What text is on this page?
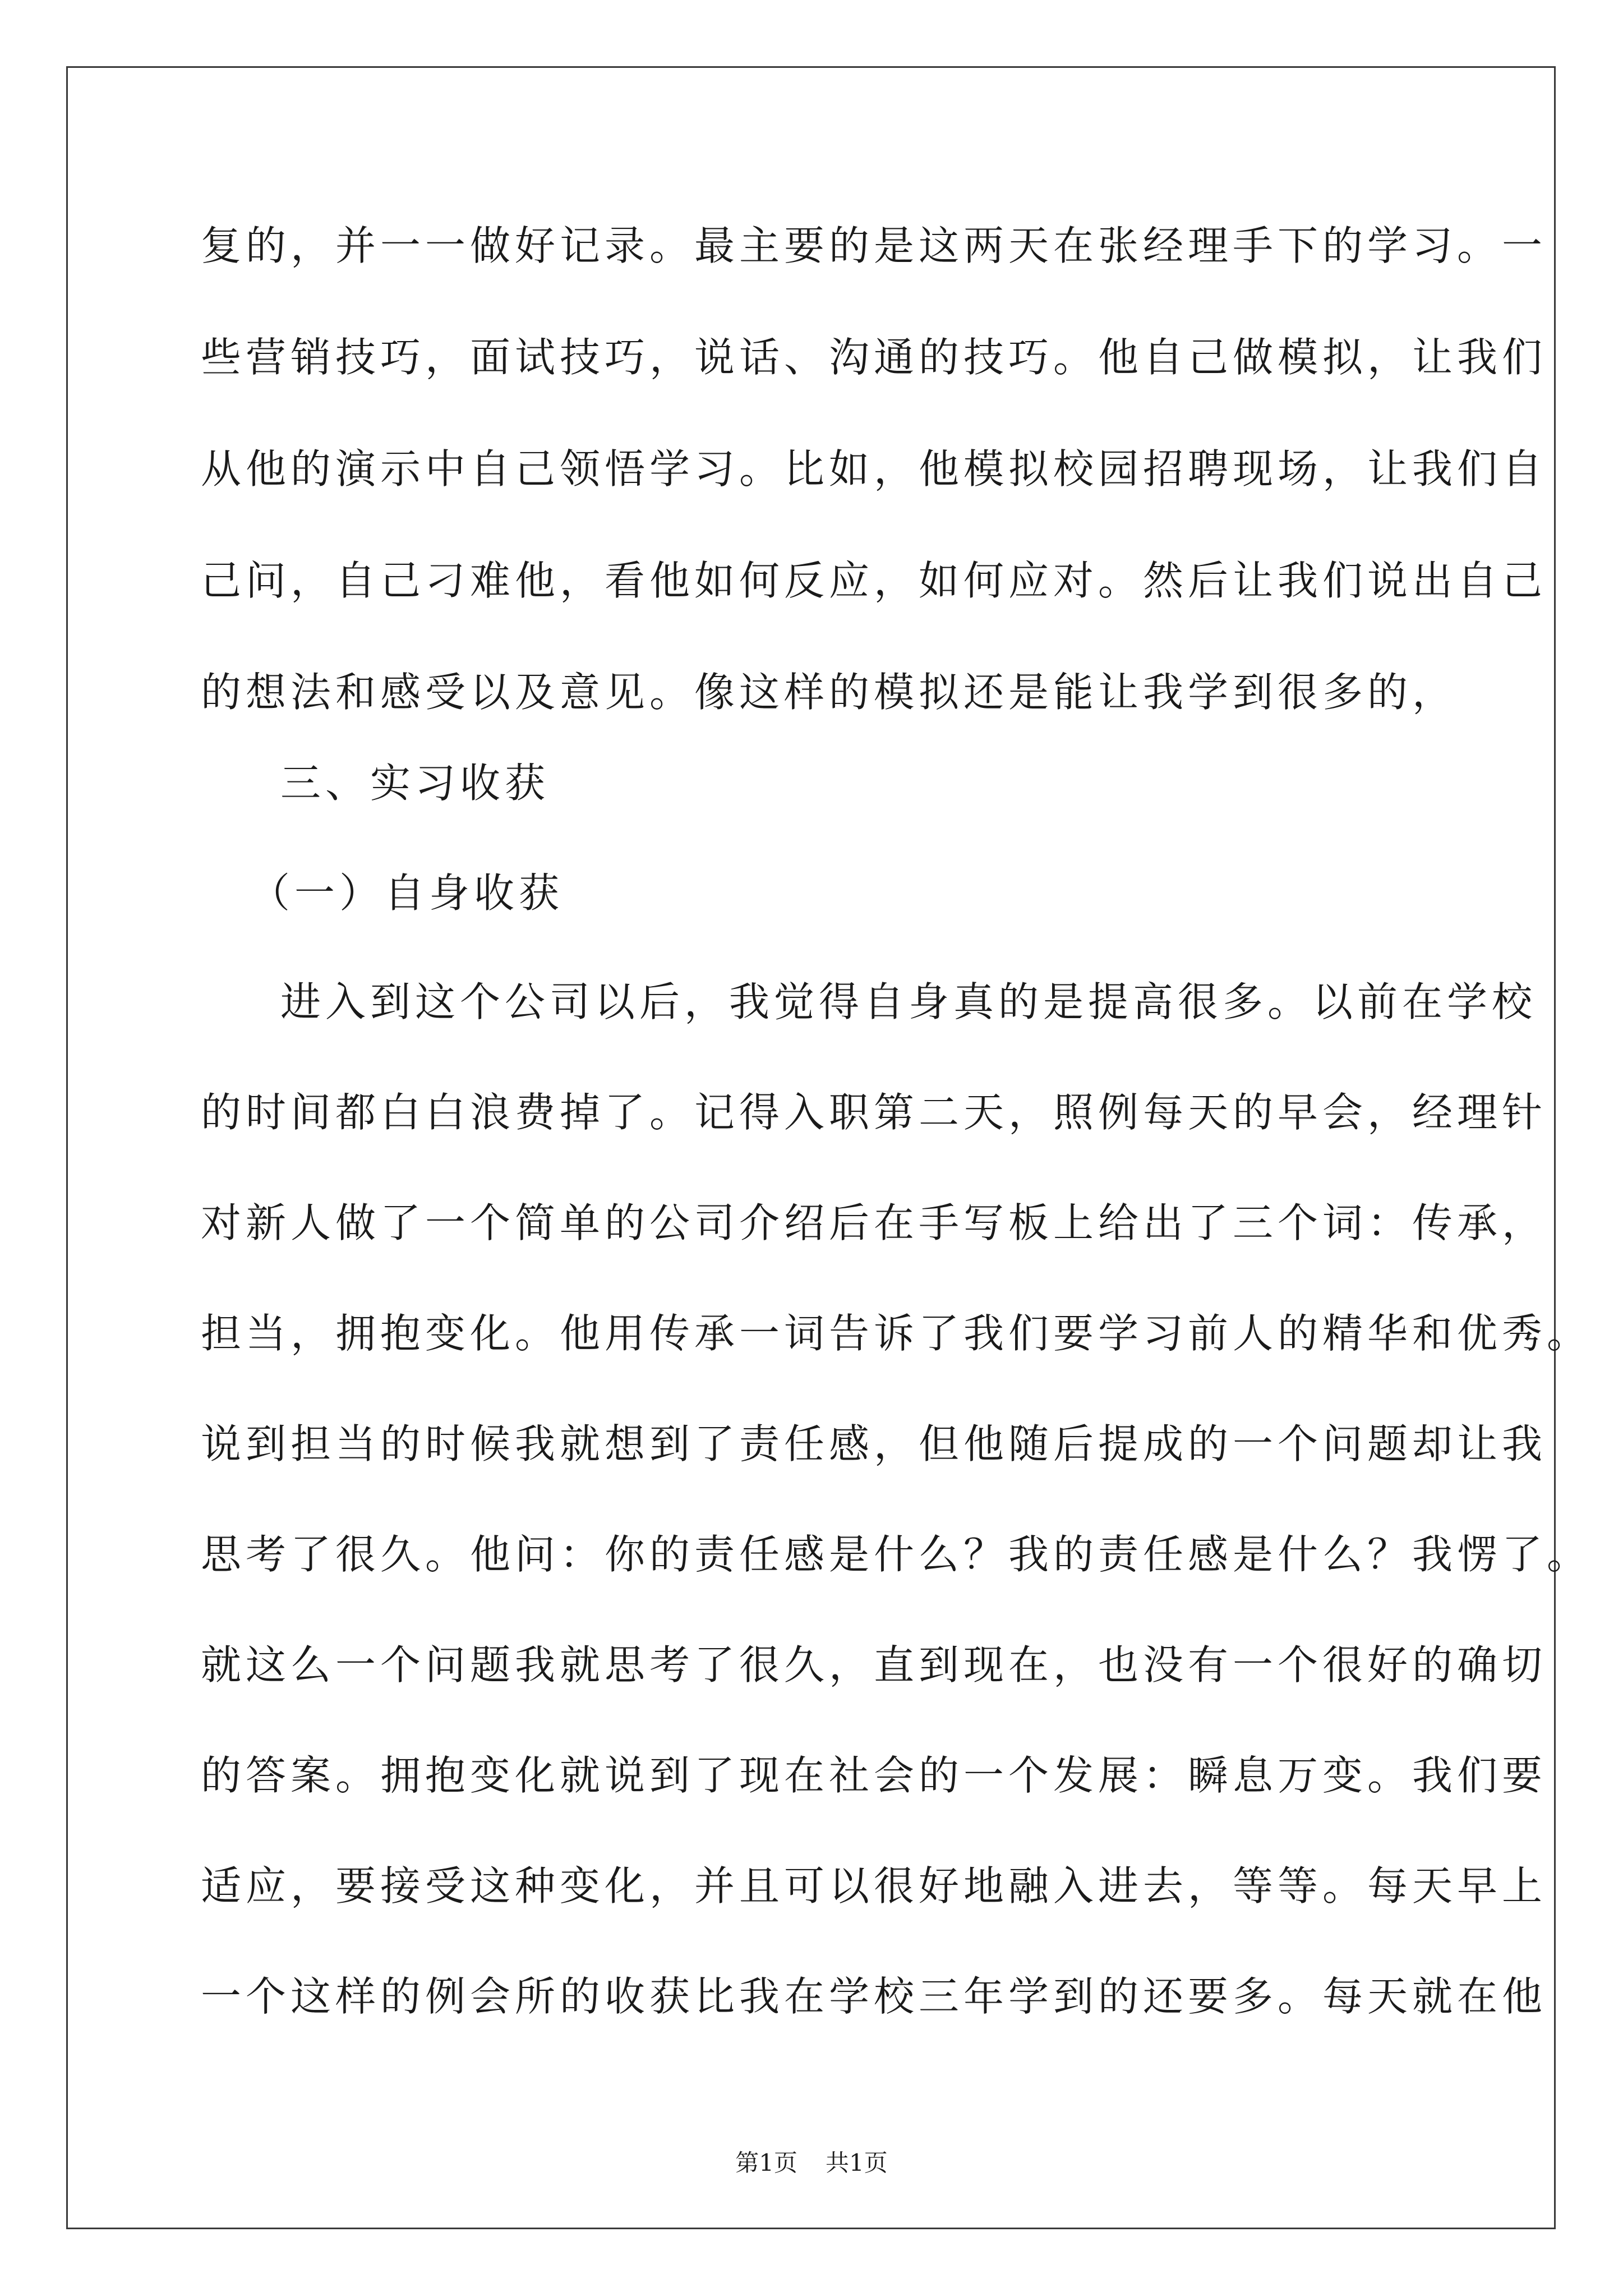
复的，并一一做好记录。最主要的是这两天在张经理手下的学习。一

些营销技巧，面试技巧，说话、沟通的技巧。他自己做模拟，让我们

从他的演示中自己领悟学习。比如，他模拟校园招聘现场，让我们自

己问，自己刁难他，看他如何反应，如何应对。然后让我们说出自己

的想法和感受以及意见。像这样的模拟还是能让我学到很多的，

三、实习收获

（一）自身收获

进入到这个公司以后，我觉得自身真的是提高很多。以前在学校

的时间都白白浪费掉了。记得入职第二天，照例每天的早会，经理针

对新人做了一个简单的公司介绍后在手写板上给出了三个词：传承，

担当，拥抱变化。他用传承一词告诉了我们要学习前人的精华和优秀。

说到担当的时候我就想到了责任感，但他随后提成的一个问题却让我

思考了很久。他问：你的责任感是什么？我的责任感是什么？我愣了。

就这么一个问题我就思考了很久，直到现在，也没有一个很好的确切

的答案。拥抱变化就说到了现在社会的一个发展：瞬息万变。我们要

适应，要接受这种变化，并且可以很好地融入进去，等等。每天早上

一个这样的例会所的收获比我在学校三年学到的还要多。每天就在他

第1页 共1页
